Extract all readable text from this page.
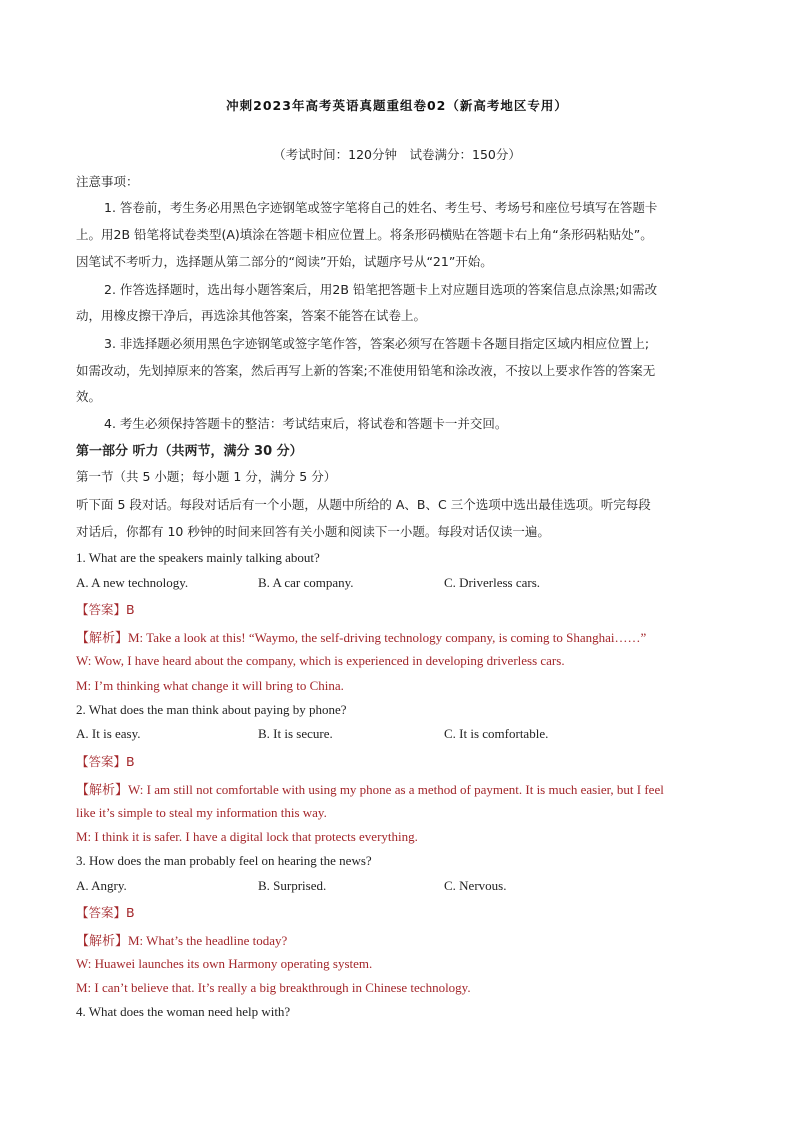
冲刺2023年高考英语真题重组卷02（新高考地区专用）
（考试时间：120分钟　试卷满分：150分）
注意事项：
1. 答卷前，考生务必用黑色字迹钢笔或签字笔将自己的姓名、考生号、考场号和座位号填写在答题卡
上。用2B 铅笔将试卷类型(A)填涂在答题卡相应位置上。将条形码横贴在答题卡右上角“条形码粘贴处”。
因笔试不考听力，选择题从第二部分的“阅读”开始，试题序号从“21”开始。
2. 作答选择题时，选出每小题答案后，用2B 铅笔把答题卡上对应题目选项的答案信息点涂黑;如需改
动，用橡皮擦干净后，再选涂其他答案，答案不能答在试卷上。
3. 非选择题必须用黑色字迹钢笔或签字笔作答，答案必须写在答题卡各题目指定区域内相应位置上;
如需改动，先划掉原来的答案，然后再写上新的答案;不准使用铅笔和涂改液，不按以上要求作答的答案无
效。
4. 考生必须保持答题卡的整洁：考试结束后，将试卷和答题卡一并交回。
第一部分 听力（共两节，满分 30 分）
第一节（共 5 小题；每小题 1 分，满分 5 分）
听下面 5 段对话。每段对话后有一个小题，从题中所给的 A、B、C 三个选项中选出最佳选项。听完每段
对话后，你都有 10 秒钟的时间来回答有关小题和阅读下一小题。每段对话仅读一遍。
1. What are the speakers mainly talking about?
A. A new technology.	B. A car company.	C. Driverless cars.
【答案】B
【解析】M: Take a look at this! “Waymo, the self-driving technology company, is coming to Shanghai……”
W: Wow, I have heard about the company, which is experienced in developing driverless cars.
M: I’m thinking what change it will bring to China.
2. What does the man think about paying by phone?
A. It is easy.	B. It is secure.	C. It is comfortable.
【答案】B
【解析】W: I am still not comfortable with using my phone as a method of payment. It is much easier, but I feel
like it’s simple to steal my information this way.
M: I think it is safer. I have a digital lock that protects everything.
3. How does the man probably feel on hearing the news?
A. Angry.	B. Surprised.	C. Nervous.
【答案】B
【解析】M: What’s the headline today?
W: Huawei launches its own Harmony operating system.
M: I can’t believe that. It’s really a big breakthrough in Chinese technology.
4. What does the woman need help with?
